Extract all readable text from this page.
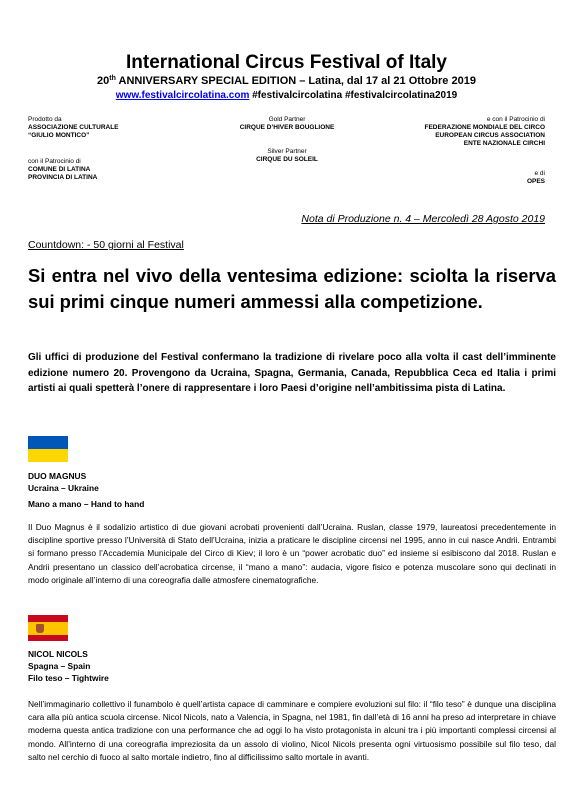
International Circus Festival of Italy
20th ANNIVERSARY SPECIAL EDITION – Latina, dal 17 al 21 Ottobre 2019
www.festivalcircolatina.com #festivalcircolatina #festivalcircolatina2019
Prodotto da
ASSOCIAZIONE CULTURALE
“GIULIO MONTICO”
con il Patrocinio di
COMUNE DI LATINA
PROVINCIA DI LATINA
Gold Partner
CIRQUE D’HIVER BOUGLIONE
Silver Partner
CIRQUE DU SOLEIL
e con il Patrocinio di
FEDERAZIONE MONDIALE DEL CIRCO
EUROPEAN CIRCUS ASSOCIATION
ENTE NAZIONALE CIRCHI
e di
OPES
Nota di Produzione n. 4 – Mercoledì 28 Agosto 2019
Countdown: - 50 giorni al Festival
Si entra nel vivo della ventesima edizione: sciolta la riserva sui primi cinque numeri ammessi alla competizione.
Gli uffici di produzione del Festival confermano la tradizione di rivelare poco alla volta il cast dell’imminente edizione numero 20. Provengono da Ucraina, Spagna, Germania, Canada, Repubblica Ceca ed Italia i primi artisti ai quali spetterà l’onere di rappresentare i loro Paesi d’origine nell’ambitissima pista di Latina.
DUO MAGNUS
Ucraina – Ukraine
Mano a mano – Hand to hand
Il Duo Magnus è il sodalizio artistico di due giovani acrobati provenienti dall’Ucraina. Ruslan, classe 1979, laureatosi precedentemente in discipline sportive presso l’Università di Stato dell’Ucraina, inizia a praticare le discipline circensi nel 1995, anno in cui nasce Andrii. Entrambi si formano presso l’Accademia Municipale del Circo di Kiev; il loro è un “power acrobatic duo” ed insieme si esibiscono dal 2018. Ruslan e Andrii presentano un classico dell’acrobatica circense, il “mano a mano”: audacia, vigore fisico e potenza muscolare sono qui declinati in modo originale all’interno di una coreografia dalle atmosfere cinematografiche.
NICOL NICOLS
Spagna – Spain
Filo teso – Tightwire
Nell’immaginario collettivo il funambolo è quell’artista capace di camminare e compiere evoluzioni sul filo: il “filo teso” è dunque una disciplina cara alla più antica scuola circense. Nicol Nicols, nato a Valencia, in Spagna, nel 1981, fin dall’età di 16 anni ha preso ad interpretare in chiave moderna questa antica tradizione con una performance che ad oggi lo ha visto protagonista in alcuni tra i più importanti complessi circensi al mondo. All’interno di una coreografia impreziosita da un assolo di violino, Nicol Nicols presenta ogni virtuosismo possibile sul filo teso, dal salto nel cerchio di fuoco al salto mortale indietro, fino al difficilissimo salto mortale in avanti.
